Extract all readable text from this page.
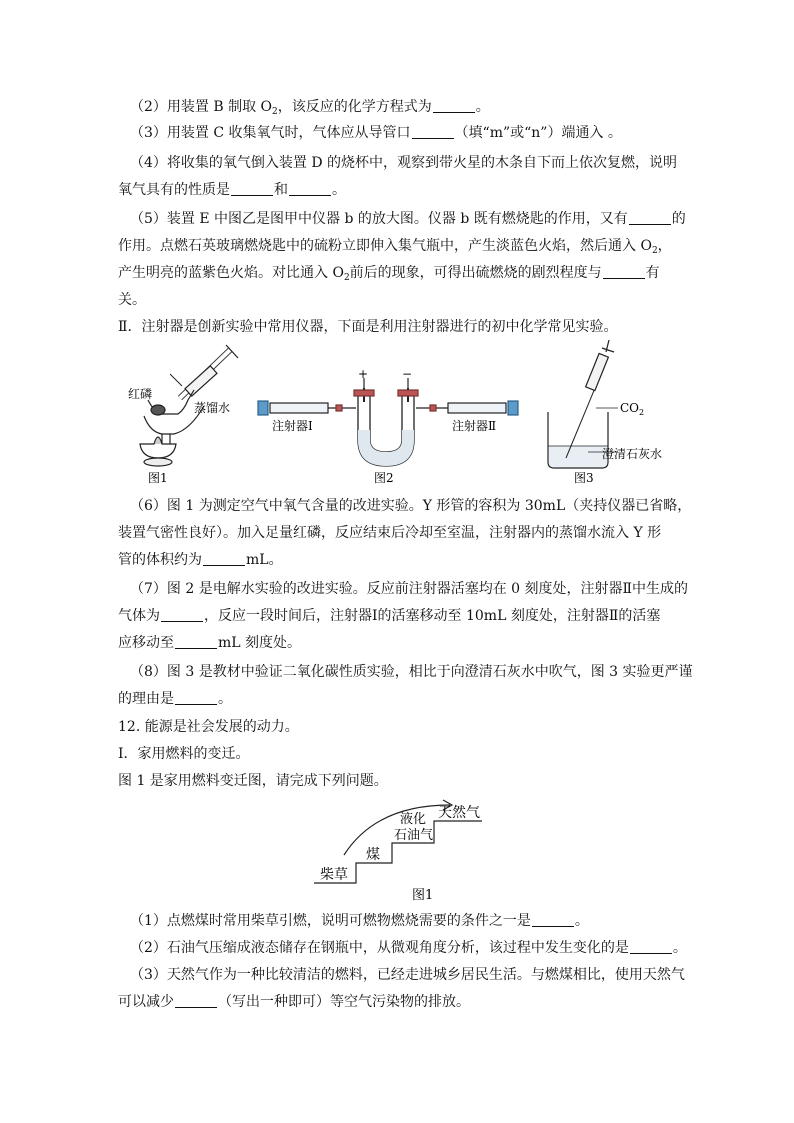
（2）用装置 B 制取 $O_2$，该反应的化学方程式为	。
（3）用装置 C 收集氧气时，气体应从导管口	（填“m”或“n”）端通入 。
（4）将收集的氧气倒入装置 D 的烧杯中，观察到带火星的木条自下而上依次复燃，说明
氧气具有的性质是	和	。
（5）装置 E 中图乙是图甲中仪器 b 的放大图。仪器 b 既有燃烧匙的作用，又有	的
作用。点燃石英玻璃燃烧匙中的硫粉立即伸入集气瓶中，产生淡蓝色火焰，然后通入 $O_2$，
产生明亮的蓝紫色火焰。对比通入 $O_2$前后的现象，可得出硫燃烧的剧烈程度与	有
关。
Ⅱ．注射器是创新实验中常用仪器，下面是利用注射器进行的初中化学常见实验。
红磷
蒸馏水
图1
+	−
注射器Ⅰ	注射器Ⅱ
图2
$CO_2$
澄清石灰水
图3
（6）图 1 为测定空气中氧气含量的改进实验。Y 形管的容积为 30mL（夹持仪器已省略，
装置气密性良好）。加入足量红磷，反应结束后冷却至室温，注射器内的蒸馏水流入 Y 形
管的体积约为	mL。
（7）图 2 是电解水实验的改进实验。反应前注射器活塞均在 0 刻度处，注射器Ⅱ中生成的
气体为	，反应一段时间后，注射器Ⅰ的活塞移动至 10mL 刻度处，注射器Ⅱ的活塞
应移动至	mL 刻度处。
（8）图 3 是教材中验证二氧化碳性质实验，相比于向澄清石灰水中吹气，图 3 实验更严谨
的理由是	。
12. 能源是社会发展的动力。
Ⅰ．家用燃料的变迁。
图 1 是家用燃料变迁图，请完成下列问题。
柴草
煤
液化
石油气
天然气
图1
（1）点燃煤时常用柴草引燃，说明可燃物燃烧需要的条件之一是	。
（2）石油气压缩成液态储存在钢瓶中，从微观角度分析，该过程中发生变化的是	。
（3）天然气作为一种比较清洁的燃料，已经走进城乡居民生活。与燃煤相比，使用天然气
可以减少	（写出一种即可）等空气污染物的排放。
